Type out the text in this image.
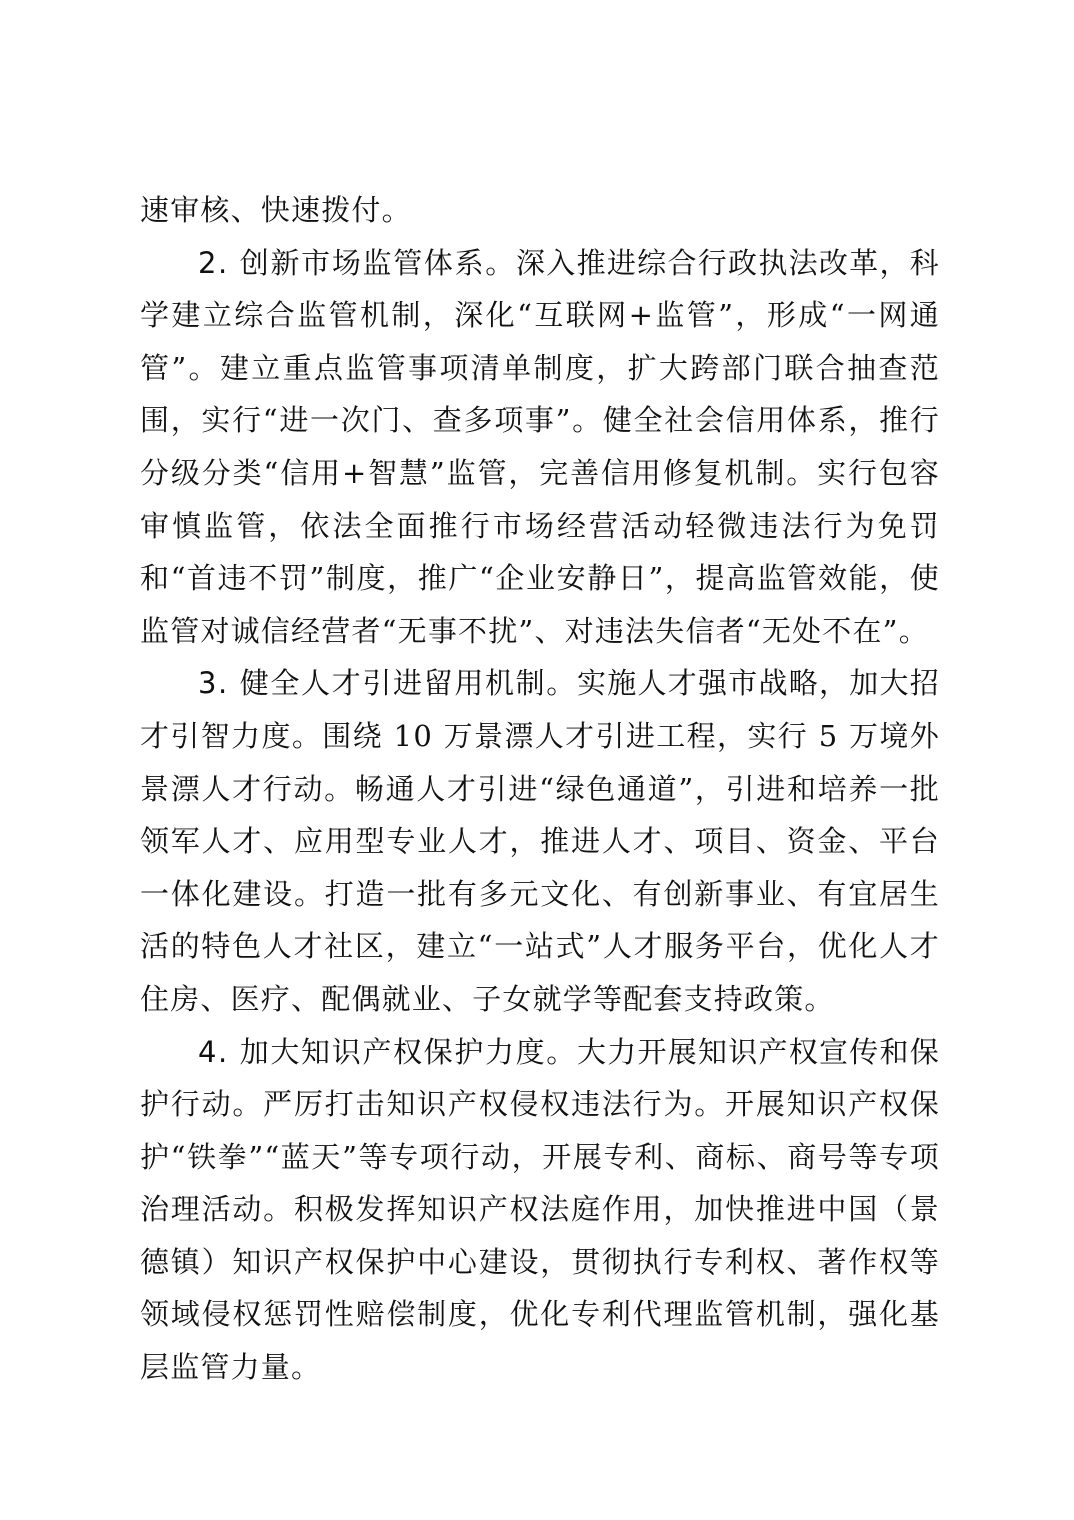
速审核、快速拨付。

2. 创新市场监管体系。深入推进综合行政执法改革，科学建立综合监管机制，深化“互联网+监管”，形成“一网通管”。建立重点监管事项清单制度，扩大跨部门联合抽查范围，实行“进一次门、查多项事”。健全社会信用体系，推行分级分类“信用+智慧”监管，完善信用修复机制。实行包容审慎监管，依法全面推行市场经营活动轻微违法行为免罚和“首违不罚”制度，推广“企业安静日”，提高监管效能，使监管对诚信经营者“无事不扰”、对违法失信者“无处不在”。

3. 健全人才引进留用机制。实施人才强市战略，加大招才引智力度。围绕 10 万景漂人才引进工程，实行 5 万境外景漂人才行动。畅通人才引进“绿色通道”，引进和培养一批领军人才、应用型专业人才，推进人才、项目、资金、平台一体化建设。打造一批有多元文化、有创新事业、有宜居生活的特色人才社区，建立“一站式”人才服务平台，优化人才住房、医疗、配偶就业、子女就学等配套支持政策。

4. 加大知识产权保护力度。大力开展知识产权宣传和保护行动。严厉打击知识产权侵权违法行为。开展知识产权保护“铁拳”“蓝天”等专项行动，开展专利、商标、商号等专项治理活动。积极发挥知识产权法庭作用，加快推进中国（景德镇）知识产权保护中心建设，贯彻执行专利权、著作权等领域侵权惩罚性赔偿制度，优化专利代理监管机制，强化基层监管力量。
